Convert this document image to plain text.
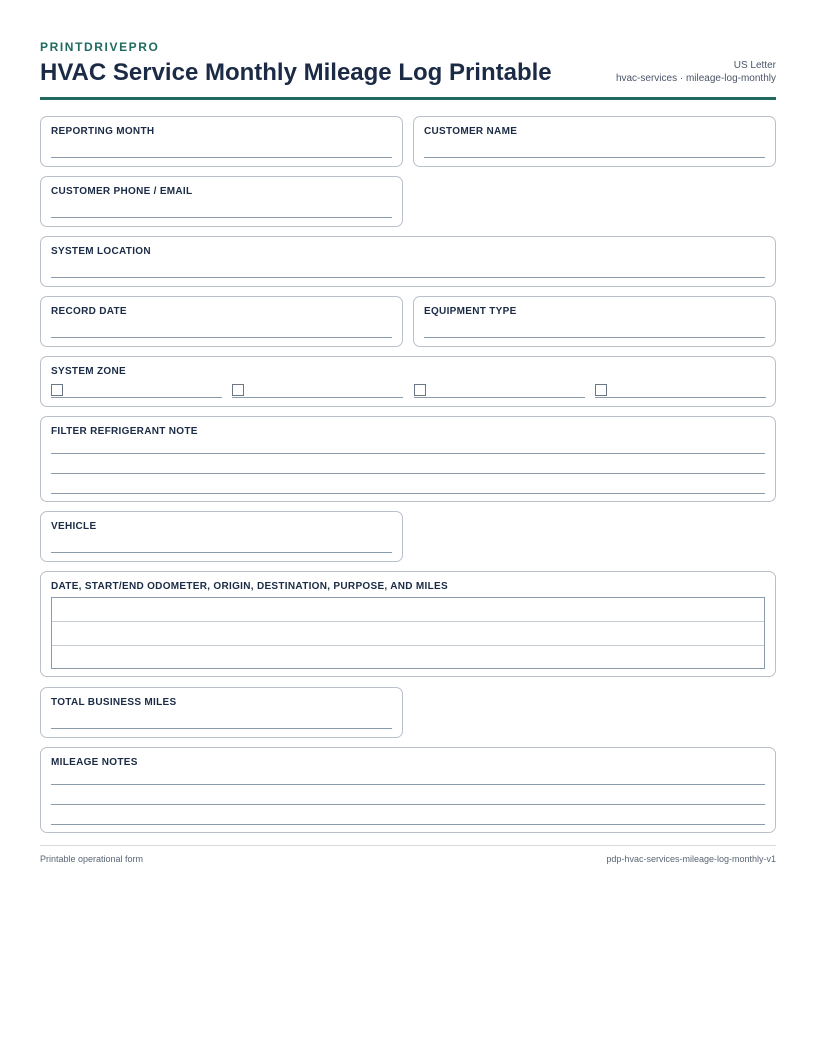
PRINTDRIVEPRO
HVAC Service Monthly Mileage Log Printable	US Letter
hvac-services · mileage-log-monthly
REPORTING MONTH	CUSTOMER NAME
CUSTOMER PHONE / EMAIL
SYSTEM LOCATION
RECORD DATE	EQUIPMENT TYPE
SYSTEM ZONE
FILTER REFRIGERANT NOTE
VEHICLE
DATE, START/END ODOMETER, ORIGIN, DESTINATION, PURPOSE, AND MILES
TOTAL BUSINESS MILES
MILEAGE NOTES
Printable operational form	pdp-hvac-services-mileage-log-monthly-v1
